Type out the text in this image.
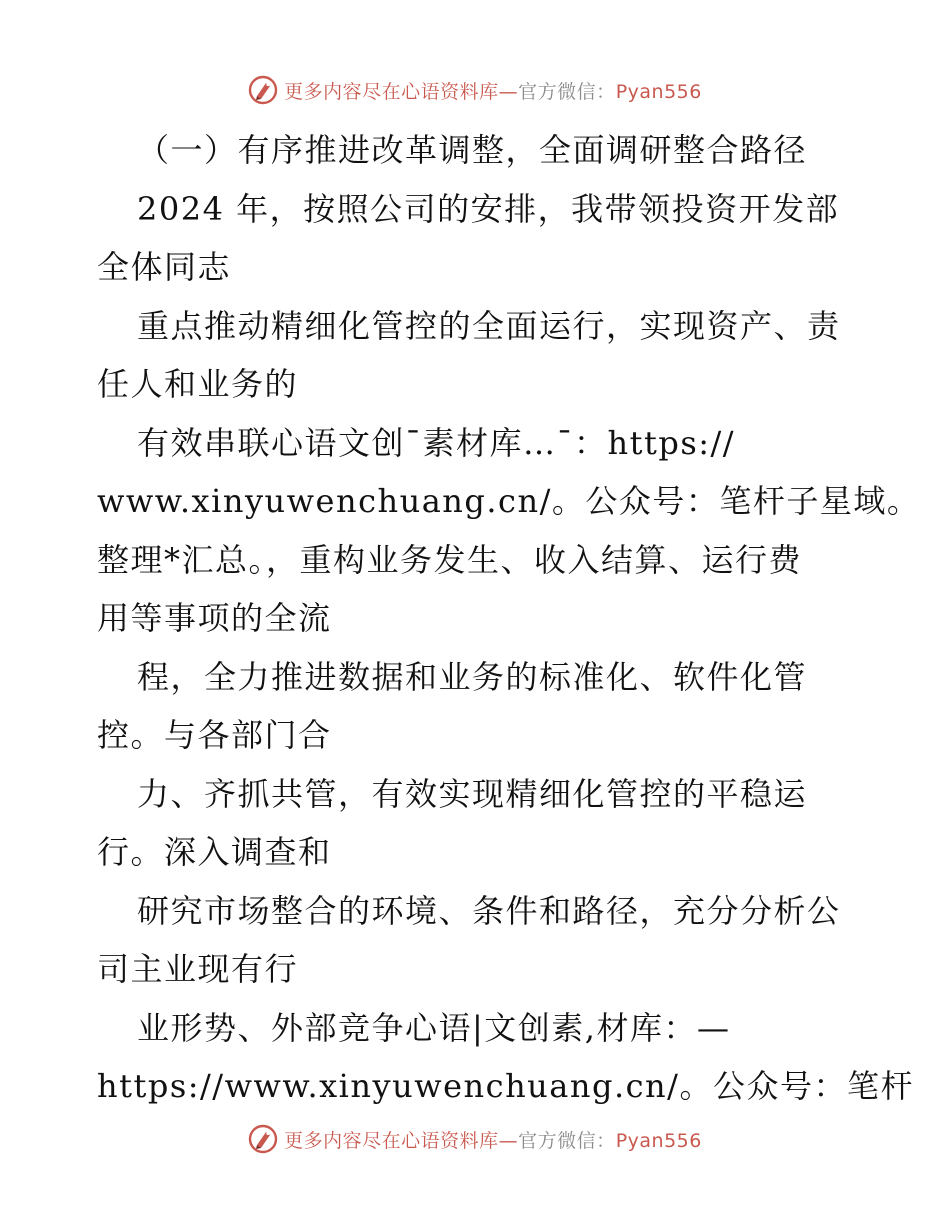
更多内容尽在心语资料库—官方微信：Pyan556
（一）有序推进改革调整，全面调研整合路径
2024 年，按照公司的安排，我带领投资开发部
全体同志
重点推动精细化管控的全面运行，实现资产、责
任人和业务的
有效串联心语文创¯素材库…¯：https://
www.xinyuwenchuang.cn/。公众号：笔杆子星域。
整理*汇总。，重构业务发生、收入结算、运行费
用等事项的全流
程，全力推进数据和业务的标准化、软件化管
控。与各部门合
力、齐抓共管，有效实现精细化管控的平稳运
行。深入调查和
研究市场整合的环境、条件和路径，充分分析公
司主业现有行
业形势、外部竞争心语|文创素,材库：—
https://www.xinyuwenchuang.cn/。公众号：笔杆
更多内容尽在心语资料库—官方微信：Pyan556
